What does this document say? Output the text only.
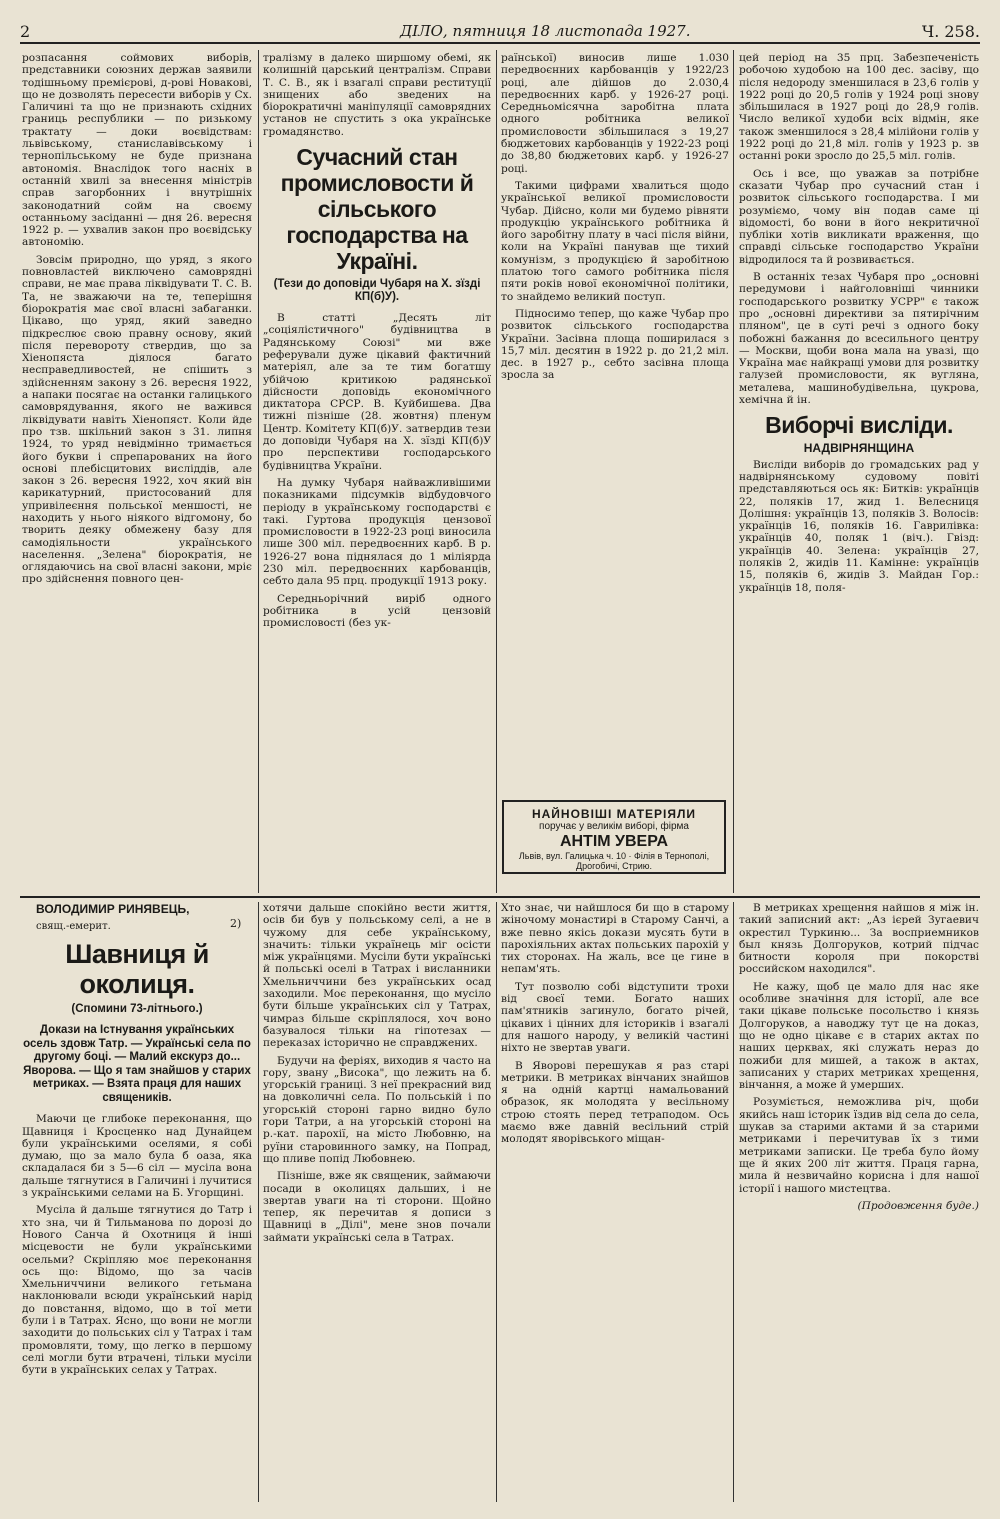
2	ДІЛО, пятниця 18 листопада 1927.	Ч. 258.

розпасання соймових виборів, представники союзних держав заявили тодішньому премієрові, д-рові Новакові, що не дозволять пересести виборів у Сх. Галичині та що не признають східних границь республики — по ризькому трактату — доки воєвідствам: львівському, станиславівському і тернопільському не буде признана автономія. Внаслідок того насніх в останній хвилі за внесення міністрів справ загорбонних і внутрішніх законодатний сойм на своєму останньому засіданні — дня 26. вересня 1922 р. — ухвалив закон про воєвідську автономію.

Зовсім природно, що уряд, з якого повновластей виключено самоврядні справи, не має права ліквідувати Т. С. В. Та, не зважаючи на те, теперішня біорократія має свої власні забаганки. Цікаво, що уряд, який заведно підкреслює свою правну основу, який після перевороту ствердив, що за Хіенопяста діялося багато несправедливостей, не спішить з здійсненням закону з 26. вересня 1922, а напаки посягає на останки галицького самоврядування, якого не важився ліквідувати навіть Хіенопяст. Коли йде про тзв. шкільний закон з 31. липня 1924, то уряд невідмінно тримається його букви і спрепарованих на його основі плебісцитових висліддів, але закон з 26. вересня 1922, хоч який він карикатурний, пристосований для упривілеєння польської меншості, не находить у нього ніякого відгомону, бо творить деяку обмежену базу для самодіяльности українського населення. „Зелена" біорократія, не оглядаючись на свої власні закони, мріє про здійснення повного цен-

тралізму в далеко ширшому обемі, як колишній царський централізм. Справи Т. С. В., як і взагалі справи реституції знищених або зведених на біорократичні маніпуляції самоврядних установ не спустить з ока українське громадянство.

Сучасний стан промисловости й сільського господарства на Україні.
(Тези до доповіди Чубаря на Х. зїзді КП(б)У).

В статті „Десять літ „соціялістичного" будівництва в Радянському Союзі" ми вже реферували дуже цікавий фактичний матеріял, але за те тим богатшу убійчою критикою радянської дійсности доповідь економічного диктатора СРСР. В. Куйбишева. Два тижні пізніше (28. жовтня) пленум Центр. Комітету КП(б)У. затвердив тези до доповіди Чубаря на Х. зїзді КП(б)У про перспективи господарського будівництва України.

На думку Чубаря найважливішими показниками підсумків відбудовчого періоду в українському господарстві є такі. Гуртова продукція цензової промисловости в 1922-23 році виносила лише 300 міл. передвоєнних карб. В р. 1926-27 вона піднялася до 1 міліярда 230 міл. передвоєнних карбованців, себто дала 95 прц. продукції 1913 року.

Середньорічний виріб одного робітника в усій цензовій промисловості (без ук-

раїнської) виносив лише 1.030 передвоєнних карбованців у 1922/23 році, але дійшов до 2.030,4 передвоєнних карб. у 1926-27 році. Середньомісячна заробітна плата одного робітника великої промисловости збільшилася з 19,27 бюджетових карбованців у 1922-23 році до 38,80 бюджетових карб. у 1926-27 році.

Такими цифрами хвалиться щодо української великої промисловости Чубар. Дійсно, коли ми будемо рівняти продукцію українського робітника й його заробітну плату в часі після війни, коли на Україні панував ще тихий комунізм, з продукцією й заробітною платою того самого робітника після пяти років нової економічної політики, то знайдемо великий поступ.

Підносимо тепер, що каже Чубар про розвиток сільського господарства України. Засівна площа поширилася з 15,7 міл. десятин в 1922 р. до 21,2 міл. дес. в 1927 р., себто засівна площа зросла за

НАЙНОВІШІ МАТЕРІЯЛИ
поручає у великім виборі, фірма
АНТІМ УВЕРА
Львів, вул. Галицька ч. 10 · Філія в Тернополі, Дрогобичі, Стрию.

цей період на 35 прц. Забезпеченість робочою худобою на 100 дес. засіву, що після недороду зменшилася в 23,6 голів у 1922 році до 20,5 голів у 1924 році знову збільшилася в 1927 році до 28,9 голів. Число великої худоби всіх відмін, яке також зменшилося з 28,4 мілійони голів у 1922 році до 21,8 міл. голів у 1923 р. зв останні роки зросло до 25,5 міл. голів.

Ось і все, що уважав за потрібне сказати Чубар про сучасний стан і розвиток сільського господарства. І ми розуміємо, чому він подав саме ці відомості, бо вони в його некритичної публіки хотів викликати враження, що справді сільське господарство України відродилося та й розвивається.

В останніх тезах Чубаря про „основні передумови і найголовніші чинники господарського розвитку УСРР" є також про „основні директиви за пятирічним пляном", це в суті речі з одного боку побожні бажання до всесильного центру — Москви, щоби вона мала на увазі, що Україна має найкращі умови для розвитку галузей промисловости, як вугляна, металева, машинобудівельна, цукрова, хемічна й ін.

Виборчі висліди.
НАДВІРНЯНЩИНА

Висліди виборів до громадських рад у надвірнянському судовому повіті представляються ось як: Битків: українців 22, поляків 17, жид 1. Велесниця Долішня: українців 13, поляків 3. Волосів: українців 16, поляків 16. Гаврилівка: українців 40, поляк 1 (віч.). Гвізд: українців 40. Зелена: українців 27, поляків 2, жидів 11. Камінне: українців 15, поляків 6, жидів 3. Майдан Гор.: українців 18, поля-

ВОЛОДИМИР РИНЯВЕЦЬ,

свящ.-емерит.

Шавниця й околиця.
(Спомини 73-літнього.)
Докази на Істнування українських осель здовж Татр. — Українські села по другому боці. — Малий екскурз до... Яворова. — Що я там знайшов у старих метриках. — Взята праця для наших священиків.

Маючи це глибоке переконання, що Щавниця і Кросценко над Дунайцем були українськими оселями, я собі думаю, що за мало була б оаза, яка складалася би з 5—6 сіл — мусіла вона дальше тягнутися в Галичині і лучитися з українськими селами на Б. Угорщині.

Мусіла й дальше тягнутися до Татр і хто зна, чи й Тильманова по дорозі до Нового Санча й Охотниця й інші місцевости не були українськими осельми? Скріпляю моє переконання ось що: Відомо, що за часів Хмельниччини великого гетьмана наклонювали всюди український нарід до повстання, відомо, що в тої мети були і в Татрах. Ясно, що вони не могли заходити до польських сіл у Татрах і там промовляти, тому, що легко в першому селі могли бути втрачені, тільки мусіли бути в українських селах у Татрах.

2)

хотячи дальше спокійно вести життя, осів би був у польському селі, а не в чужому для себе українському, значить: тільки українець міг осісти між українцями. Мусіли бути українські й польські оселі в Татрах і висланники Хмельниччини без українських осад заходили. Моє переконання, що мусіло бути більше українських сіл у Татрах, чимраз більше скріплялося, хоч воно базувалося тільки на гіпотезах — переказах історично не справджених.

Будучи на феріях, виходив я часто на гору, звану „Висока", що лежить на б. угорській границі. З неї прекрасний вид на довколичні села. По польській і по угорській стороні гарно видно було гори Татри, а на угорській стороні на р.-кат. парохії, на місто Любовню, на руїни старовинного замку, на Попрад, що пливе попід Любовнею.

Пізніше, вже як священик, займаючи посади в околицях дальших, і не звертав уваги на ті сторони. Щойно тепер, як перечитав я дописи з Щавниці в „Ділі", мене знов почали займати українські села в Татрах.

Хто знає, чи найшлося би що в старому жіночому монастирі в Старому Санчі, а вже певно якісь докази мусять бути в парохіяльних актах польських парохій у тих сторонах. На жаль, все це гине в непам'ять.

Тут позволю собі відступити трохи від своєї теми. Богато наших пам'ятників загинуло, богато річей, цікавих і цінних для істориків і взагалі для нашого народу, у великій частині ніхто не звертав уваги.

В Яворові перешукав я раз старі метрики. В метриках вінчаних знайшов я на одній картці намальований образок, як молодята у весільному строю стоять перед тетраподом. Ось маємо вже давній весільний стрій молодят яворівського міщан-

В метриках хрещення найшов я між ін. такий записний акт: „Аз ієрей Зугаевич окрестил Туркиню... За восприемников был князь Долгоруков, котрий підчас битности короля при покорстві российском находился".

Не кажу, щоб це мало для нас яке особливе значіння для історії, але все таки цікаве польське посольство і князь Долгоруков, а наводжу тут це на доказ, що не одно цікаве є в старих актах по наших церквах, які служать нераз до пожиби для мишей, а також в актах, записаних у старих метриках хрещення, вінчання, а може й умерших.

Розуміється, неможлива річ, щоби якийсь наш історик їздив від села до села, шукав за старими актами й за старими метриками і перечитував їх з тими метриками записки. Це треба було йому ще й яких 200 літ життя. Праця гарна, мила й незвичайно корисна і для нашої історії і нашого мистецтва.

(Продовження буде.)
